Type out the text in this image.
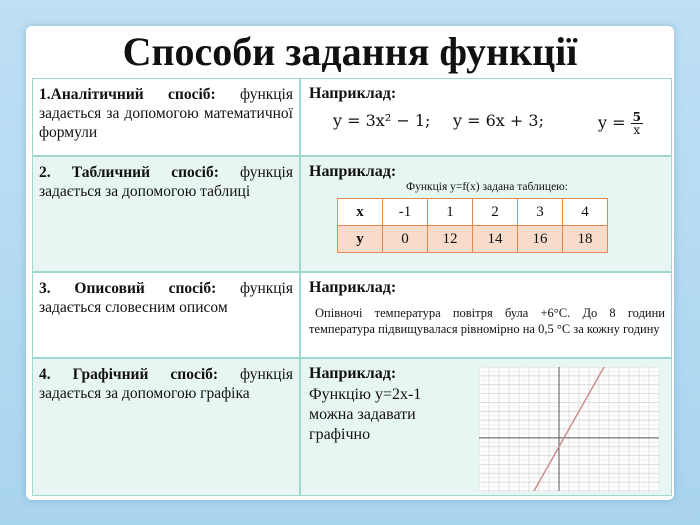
Способи задання функції
1.Аналітичний спосіб: функція задається за допомогою математичної формули
Наприклад:
y = 3x² − 1; y = 6x + 3;	$y = \frac{5}{x}$
2. Табличний спосіб: функція задається за допомогою таблиці
Наприклад:
Функція y=f(x) задана таблицею:
x	-1	1	2	3	4
y	0	12	14	16	18
3. Описовий спосіб: функція задається словесним описом
Наприклад:
Опівночі температура повітря була +6°С. До 8 години температура підвищувалася рівномірно на 0,5 °С за кожну годину
4. Графічний спосіб: функція задається за допомогою графіка
Наприклад:
Функцію y=2x-1
можна задавати
графічно
